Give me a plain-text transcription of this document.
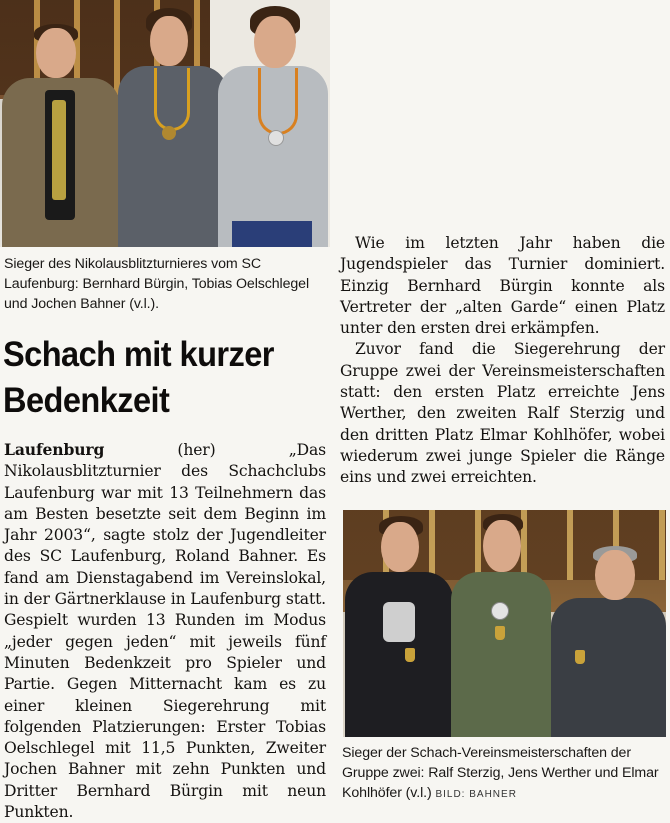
Sieger des Nikolausblitzturnieres vom SC Laufenburg: Bernhard Bürgin, Tobias Oelschlegel und Jochen Bahner (v.l.).
Schach mit kurzer
Bedenkzeit

Laufenburg	(her)	„Das Nikolausblitzturnier des Schachclubs Laufenburg war mit 13 Teilnehmern das am Besten besetzte seit dem Beginn im Jahr 2003“, sagte stolz der Jugendleiter des SC Laufenburg, Roland Bahner. Es fand am Dienstagabend im Vereinslokal, in der Gärtnerklause in Laufenburg statt. Gespielt wurden 13 Runden im Modus „jeder gegen jeden“ mit jeweils fünf Minuten Bedenkzeit pro Spieler und Partie. Gegen Mitternacht kam es zu einer kleinen Siegerehrung mit folgenden Platzierungen: Erster Tobias Oelschlegel mit 11,5 Punkten, Zweiter Jochen Bahner mit zehn Punkten und Dritter Bernhard Bürgin mit neun Punkten.

Wie im letzten Jahr haben die Jugendspieler das Turnier dominiert. Einzig Bernhard Bürgin konnte als Vertreter der „alten Garde“ einen Platz unter den ersten drei erkämpfen.

Zuvor fand die Siegerehrung der Gruppe zwei der Vereinsmeisterschaften statt: den ersten Platz erreichte Jens Werther, den zweiten Ralf Sterzig und den dritten Platz Elmar Kohlhöfer, wobei wiederum zwei junge Spieler die Ränge eins und zwei erreichten.

Sieger der Schach-Vereinsmeisterschaften der Gruppe zwei: Ralf Sterzig, Jens Werther und Elmar Kohlhöfer (v.l.) BILD: BAHNER
